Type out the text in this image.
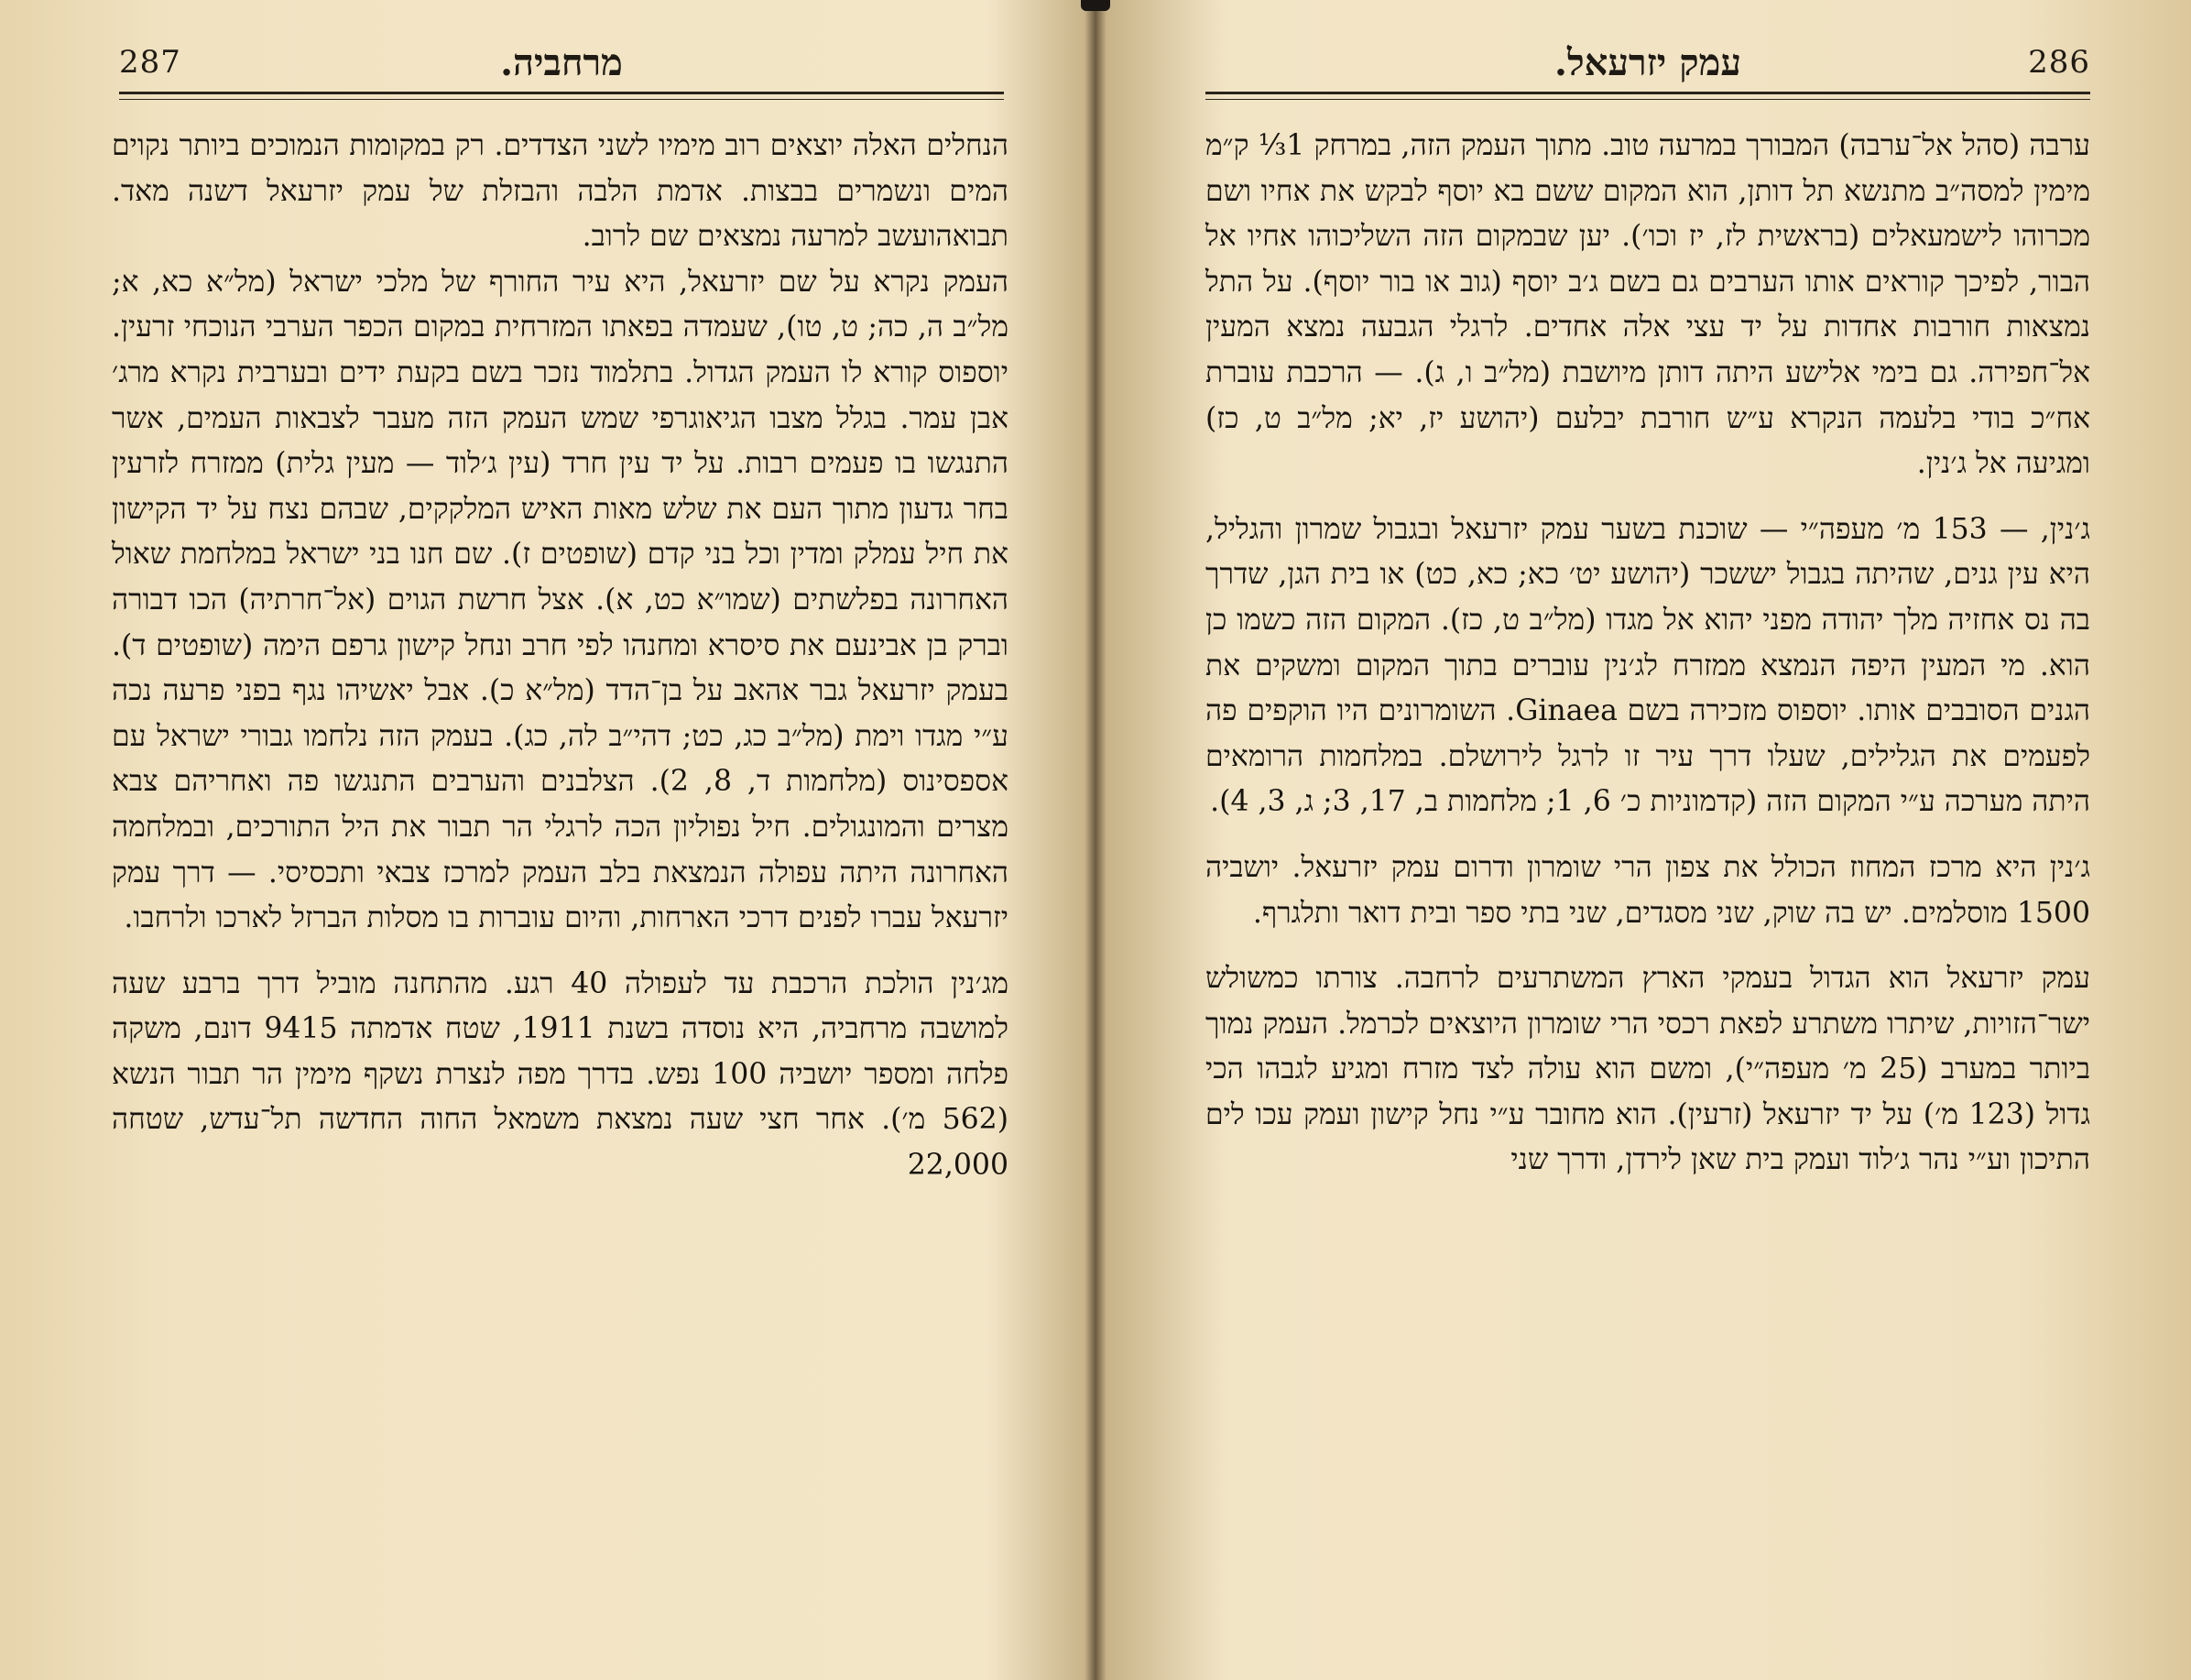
287	מרחביה.

הנחלים האלה יוצאים רוב מימיו לשני הצדדים. רק במקומות הנמוכים ביותר נקוים המים ונשמרים בבצות. אדמת הלבה והבזלת של עמק יזרעאל דשנה מאד. תבואהועשב למרעה נמצאים שם לרוב.

העמק נקרא על שם יזרעאל, היא עיר החורף של מלכי ישראל (מל״א כא, א; מל״ב ה, כה; ט, טו), שעמדה בפאתו המזרחית במקום הכפר הערבי הנוכחי זרעין. יוספוס קורא לו העמק הגדול. בתלמוד נזכר בשם בקעת ידים ובערבית נקרא מרג׳ אבן עמר. בגלל מצבו הגיאוגרפי שמש העמק הזה מעבר לצבאות העמים, אשר התנגשו בו פעמים רבות. על יד עין חרד (עין ג׳לוד — מעין גלית) ממזרח לזרעין בחר גדעון מתוך העם את שלש מאות האיש המלקקים, שבהם נצח על יד הקישון את חיל עמלק ומדין וכל בני קדם (שופטים ז). שם חנו בני ישראל במלחמת שאול האחרונה בפלשתים (שמו״א כט, א). אצל חרשת הגוים (אל־חרתיה) הכו דבורה וברק בן אבינעם את סיסרא ומחנהו לפי חרב ונחל קישון גרפם הימה (שופטים ד). בעמק יזרעאל גבר אהאב על בן־הדד (מל״א כ). אבל יאשיהו נגף בפני פרעה נכה ע״י מגדו וימת (מל״ב כג, כט; דהי״ב לה, כג). בעמק הזה נלחמו גבורי ישראל עם אספסינוס (מלחמות ד, 8, 2). הצלבנים והערבים התנגשו פה ואחריהם צבא מצרים והמונגולים. חיל נפוליון הכה לרגלי הר תבור את היל התורכים, ובמלחמה האחרונה היתה עפולה הנמצאת בלב העמק למרכז צבאי ותכסיסי. — דרך עמק יזרעאל עברו לפנים דרכי הארחות, והיום עוברות בו מסלות הברזל לארכו ולרחבו.

מג׳נין הולכת הרכבת עד לעפולה 40 רגע. מהתחנה מוביל דרך ברבע שעה למושבה מרחביה, היא נוסדה בשנת 1911, שטח אדמתה 9415 דונם, משקה פלחה ומספר יושביה 100 נפש. בדרך מפה לנצרת נשקף מימין הר תבור הנשא (562 מ׳). אחר חצי שעה נמצאת משמאל החוה החדשה תל־עדש, שטחה 22,000

עמק יזרעאל.	286

ערבה (סהל אל־ערבה) המבורך במרעה טוב. מתוך העמק הזה, במרחק 1⅓ ק״מ מימין למסה״ב מתנשא תל דותן, הוא המקום ששם בא יוסף לבקש את אחיו ושם מכרוהו לישמעאלים (בראשית לז, יז וכו׳). יען שבמקום הזה השליכוהו אחיו אל הבור, לפיכך קוראים אותו הערבים גם בשם ג׳ב יוסף (גוב או בור יוסף). על התל נמצאות חורבות אחדות על יד עצי אלה אחדים. לרגלי הגבעה נמצא המעין אל־חפירה. גם בימי אלישע היתה דותן מיושבת (מל״ב ו, ג). — הרכבת עוברת אח״כ בודי בלעמה הנקרא ע״ש חורבת יבלעם (יהושע יז, יא; מל״ב ט, כז) ומגיעה אל ג׳נין.

ג׳נין, — 153 מ׳ מעפה״י — שוכנת בשער עמק יזרעאל ובגבול שמרון והגליל, היא עין גנים, שהיתה בגבול יששכר (יהושע יט׳ כא; כא, כט) או בית הגן, שדרך בה נס אחזיה מלך יהודה מפני יהוא אל מגדו (מל״ב ט, כז). המקום הזה כשמו כן הוא. מי המעין היפה הנמצא ממזרח לג׳נין עוברים בתוך המקום ומשקים את הגנים הסובבים אותו. יוספוס מזכירה בשם Ginaea. השומרונים היו הוקפים פה לפעמים את הגלילים, שעלו דרך עיר זו לרגל לירושלם. במלחמות הרומאים היתה מערכה ע״י המקום הזה (קדמוניות כ׳ 6, 1; מלחמות ב, 17, 3; ג, 3, 4).

ג׳נין היא מרכז המחוז הכולל את צפון הרי שומרון ודרום עמק יזרעאל. יושביה 1500 מוסלמים. יש בה שוק, שני מסגדים, שני בתי ספר ובית דואר ותלגרף.

עמק יזרעאל הוא הגדול בעמקי הארץ המשתרעים לרחבה. צורתו כמשולש ישר־הזויות, שיתרו משתרע לפאת רכסי הרי שומרון היוצאים לכרמל. העמק נמוך ביותר במערב (25 מ׳ מעפה״י), ומשם הוא עולה לצד מזרח ומגיע לגבהו הכי גדול (123 מ׳) על יד יזרעאל (זרעין). הוא מחובר ע״י נחל קישון ועמק עכו לים התיכון וע״י נהר ג׳לוד ועמק בית שאן לירדן, ודרך שני
